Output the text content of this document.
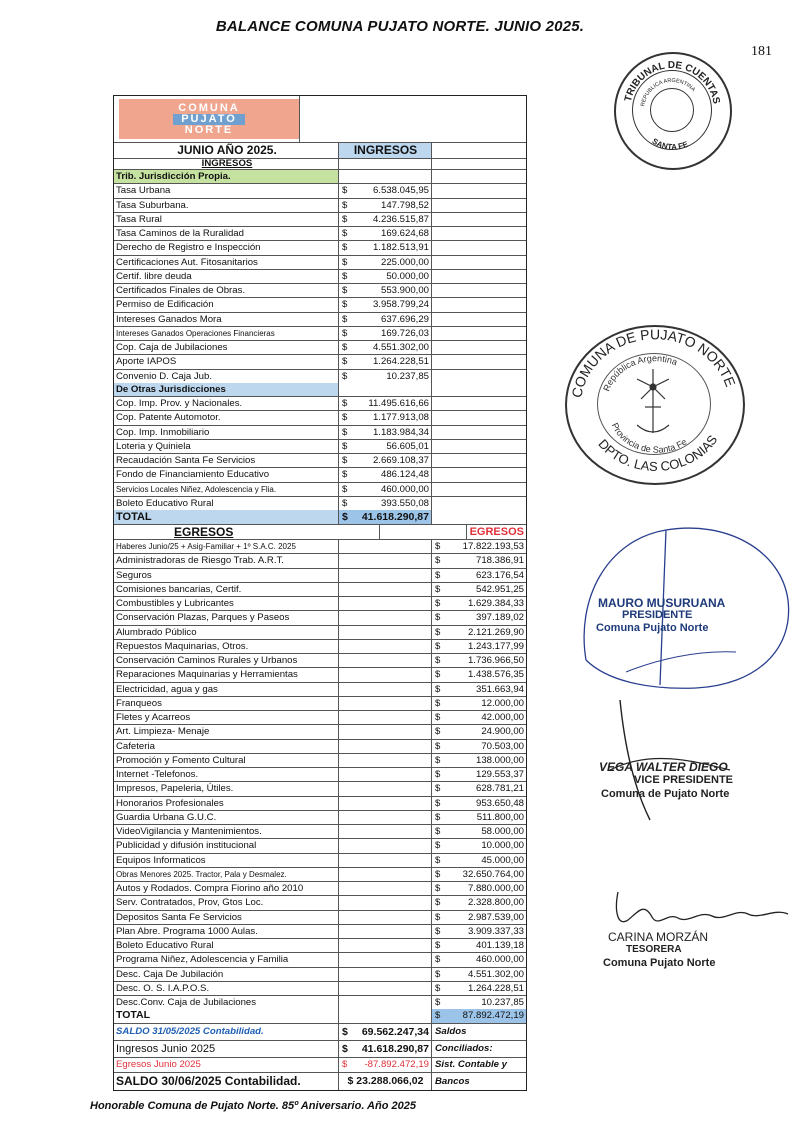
BALANCE COMUNA PUJATO NORTE. JUNIO 2025.
181
TRIBUNAL DE CUENTAS
REPUBLICA ARGENTINA
SANTA FE
COMUNA DE PUJATO NORTE
República Argentina
Provincia de Santa Fe
DPTO. LAS COLONIAS
MAURO MUSURUANA
PRESIDENTE
Comuna Pujato Norte
VEGA WALTER DIEGO
VICE PRESIDENTE
Comuna de Pujato Norte
CARINA MORZÁN
TESORERA
Comuna Pujato Norte
COMUNA
PUJATO
NORTE
JUNIO AÑO 2025.	INGRESOS
INGRESOS
Trib. Jurisdicción Propia.
Tasa Urbana	$	6.538.045,95
Tasa Suburbana.	$	147.798,52
Tasa Rural	$	4.236.515,87
Tasa Caminos de la Ruralidad	$	169.624,68
Derecho de Registro e Inspección	$	1.182.513,91
Certificaciones Aut. Fitosanitarios	$	225.000,00
Certif. libre deuda	$	50.000,00
Certificados Finales de Obras.	$	553.900,00
Permiso de Edificación	$	3.958.799,24
Intereses Ganados Mora	$	637.696,29
Intereses Ganados Operaciones Financieras	$	169.726,03
Cop. Caja de Jubilaciones	$	4.551.302,00
Aporte IAPOS	$	1.264.228,51
Convenio D. Caja Jub.	$	10.237,85
De Otras Jurisdicciones
Cop. Imp. Prov. y Nacionales.	$ 11.495.616,66
Cop. Patente Automotor.	$	1.177.913,08
Cop. Imp. Inmobiliario	$	1.183.984,34
Loteria y Quiniela	$	56.605,01
Recaudación Santa Fe Servicios	$	2.669.108,37
Fondo de Financiamiento Educativo	$	486.124,48
Servicios Locales Niñez, Adolescencia y Flia.	$	460.000,00
Boleto Educativo Rural	$	393.550,08
TOTAL	$ 41.618.290,87
EGRESOS	EGRESOS
Haberes Junio/25 + Asig-Familiar + 1º S.A.C. 2025	$ 17.822.193,53
Administradoras de Riesgo Trab. A.R.T.	$	718.386,91
Seguros	$	623.176,54
Comisiones bancarias, Certif.	$	542.951,25
Combustibles y Lubricantes	$	1.629.384,33
Conservación Plazas, Parques y Paseos	$	397.189,02
Alumbrado Público	$	2.121.269,90
Repuestos Maquinarias, Otros.	$	1.243.177,99
Conservación Caminos Rurales y Urbanos	$	1.736.966,50
Reparaciones Maquinarias y Herramientas	$	1.438.576,35
Electricidad, agua y gas	$	351.663,94
Franqueos	$	12.000,00
Fletes y Acarreos	$	42.000,00
Art. Limpieza- Menaje	$	24.900,00
Cafeteria	$	70.503,00
Promoción y Fomento Cultural	$	138.000,00
Internet -Telefonos.	$	129.553,37
Impresos, Papeleria, Útiles.	$	628.781,21
Honorarios Profesionales	$	953.650,48
Guardia Urbana G.U.C.	$	511.800,00
VideoVigilancia y Mantenimientos.	$	58.000,00
Publicidad y difusión institucional	$	10.000,00
Equipos Informaticos	$	45.000,00
Obras Menores 2025. Tractor, Pala y Desmalez.	$ 32.650.764,00
Autos y Rodados. Compra Fiorino año 2010	$	7.880.000,00
Serv. Contratados, Prov, Gtos Loc.	$	2.328.800,00
Depositos Santa Fe Servicios	$	2.987.539,00
Plan Abre. Programa 1000 Aulas.	$	3.909.337,33
Boleto Educativo Rural	$	401.139,18
Programa Niñez, Adolescencia y Familia	$	460.000,00
Desc. Caja De Jubilación	$	4.551.302,00
Desc. O. S. I.A.P.O.S.	$	1.264.228,51
Desc.Conv. Caja de Jubilaciones	$	10.237,85
TOTAL	$ 87.892.472,19
SALDO 31/05/2025 Contabilidad.	$ 69.562.247,34 Saldos
Ingresos Junio 2025	$ 41.618.290,87 Conciliados:
Egresos Junio 2025	$ -87.892.472,19 Sist. Contable y
SALDO 30/06/2025 Contabilidad.	$ 23.288.066,02	Bancos
Honorable Comuna de Pujato Norte. 85º Aniversario. Año 2025
